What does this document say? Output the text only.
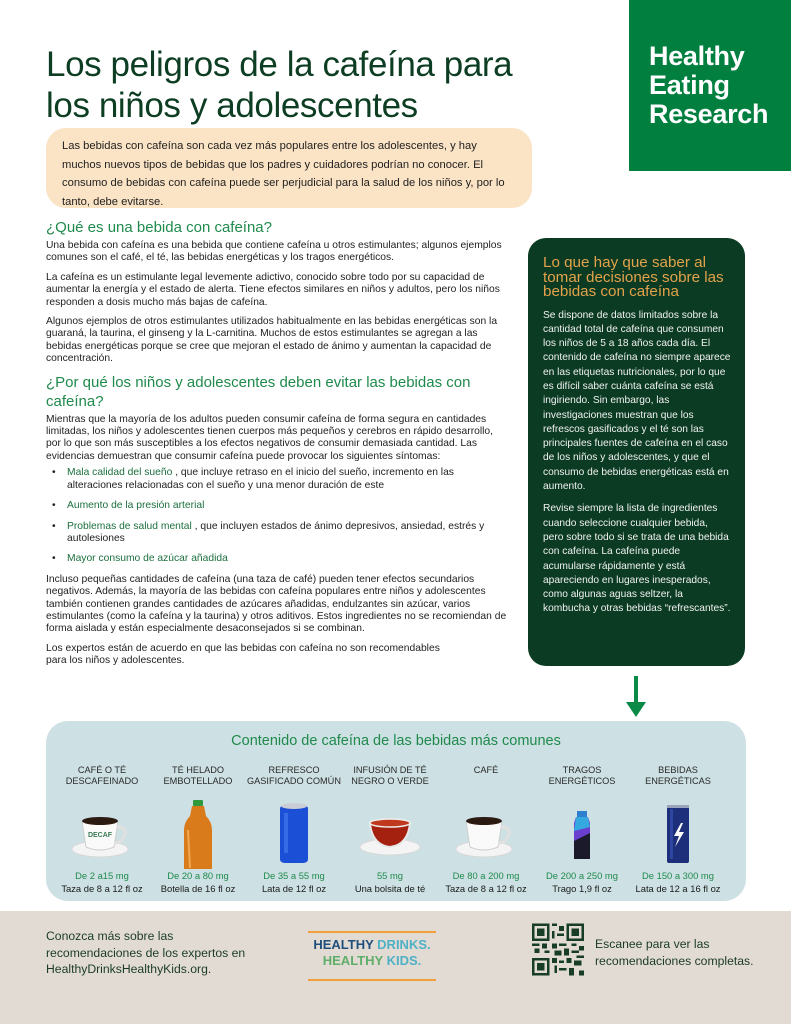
Healthy
Eating
Research
Los peligros de la cafeína para
los niños y adolescentes
Las bebidas con cafeína son cada vez más populares entre los adolescentes, y hay muchos nuevos tipos de bebidas que los padres y cuidadores podrían no conocer. El consumo de bebidas con cafeína puede ser perjudicial para la salud de los niños y, por lo tanto, debe evitarse.
¿Qué es una bebida con cafeína?

Una bebida con cafeína es una bebida que contiene cafeína u otros estimulantes; algunos ejemplos comunes son el café, el té, las bebidas energéticas y los tragos energéticos.

La cafeína es un estimulante legal levemente adictivo, conocido sobre todo por su capacidad de aumentar la energía y el estado de alerta. Tiene efectos similares en niños y adultos, pero los niños responden a dosis mucho más bajas de cafeína.

Algunos ejemplos de otros estimulantes utilizados habitualmente en las bebidas energéticas son la guaraná, la taurina, el ginseng y la L-carnitina. Muchos de estos estimulantes se agregan a las bebidas energéticas porque se cree que mejoran el estado de ánimo y aumentan la capacidad de concentración.

¿Por qué los niños y adolescentes deben evitar las bebidas con cafeína?

Mientras que la mayoría de los adultos pueden consumir cafeína de forma segura en cantidades limitadas, los niños y adolescentes tienen cuerpos más pequeños y cerebros en rápido desarrollo, por lo que son más susceptibles a los efectos negativos de consumir demasiada cantidad. Las evidencias demuestran que consumir cafeína puede provocar los siguientes síntomas:

• Mala calidad del sueño , que incluye retraso en el inicio del sueño, incremento en las alteraciones relacionadas con el sueño y una menor duración de este
• Aumento de la presión arterial
• Problemas de salud mental , que incluyen estados de ánimo depresivos, ansiedad, estrés y autolesiones
• Mayor consumo de azúcar añadida

Incluso pequeñas cantidades de cafeína (una taza de café) pueden tener efectos secundarios negativos. Además, la mayoría de las bebidas con cafeína populares entre niños y adolescentes también contienen grandes cantidades de azúcares añadidas, endulzantes sin azúcar, varios estimulantes (como la cafeína y la taurina) y otros aditivos. Estos ingredientes no se recomiendan de forma aislada y están especialmente desaconsejados si se combinan.

Los expertos están de acuerdo en que las bebidas con cafeína no son recomendables para los niños y adolescentes.

Lo que hay que saber al tomar decisiones sobre las bebidas con cafeína

Se dispone de datos limitados sobre la cantidad total de cafeína que consumen los niños de 5 a 18 años cada día. El contenido de cafeína no siempre aparece en las etiquetas nutricionales, por lo que es difícil saber cuánta cafeína se está ingiriendo. Sin embargo, las investigaciones muestran que los refrescos gasificados y el té son las principales fuentes de cafeína en el caso de los niños y adolescentes, y que el consumo de bebidas energéticas está en aumento.

Revise siempre la lista de ingredientes cuando seleccione cualquier bebida, pero sobre todo si se trata de una bebida con cafeína. La cafeína puede acumularse rápidamente y está apareciendo en lugares inesperados, como algunas aguas seltzer, la kombucha y otras bebidas “refrescantes”.

Contenido de cafeína de las bebidas más comunes
CAFÉ O TÉ DESCAFEINADO
DECAF
De 2 a15 mg
Taza de 8 a 12 fl oz
TÉ HELADO EMBOTELLADO
De 20 a 80 mg
Botella de 16 fl oz
REFRESCO GASIFICADO COMÚN
De 35 a 55 mg
Lata de 12 fl oz
INFUSIÓN DE TÉ NEGRO O VERDE
55 mg
Una bolsita de té
CAFÉ
De 80 a 200 mg
Taza de 8 a 12 fl oz
TRAGOS ENERGÉTICOS
De 200 a 250 mg
Trago 1,9 fl oz
BEBIDAS ENERGÉTICAS
De 150 a 300 mg
Lata de 12 a 16 fl oz
Conozca más sobre las recomendaciones de los expertos en HealthyDrinksHealthyKids.org.
HEALTHY DRINKS.
HEALTHY KIDS.
Escanee para ver las recomendaciones completas.
